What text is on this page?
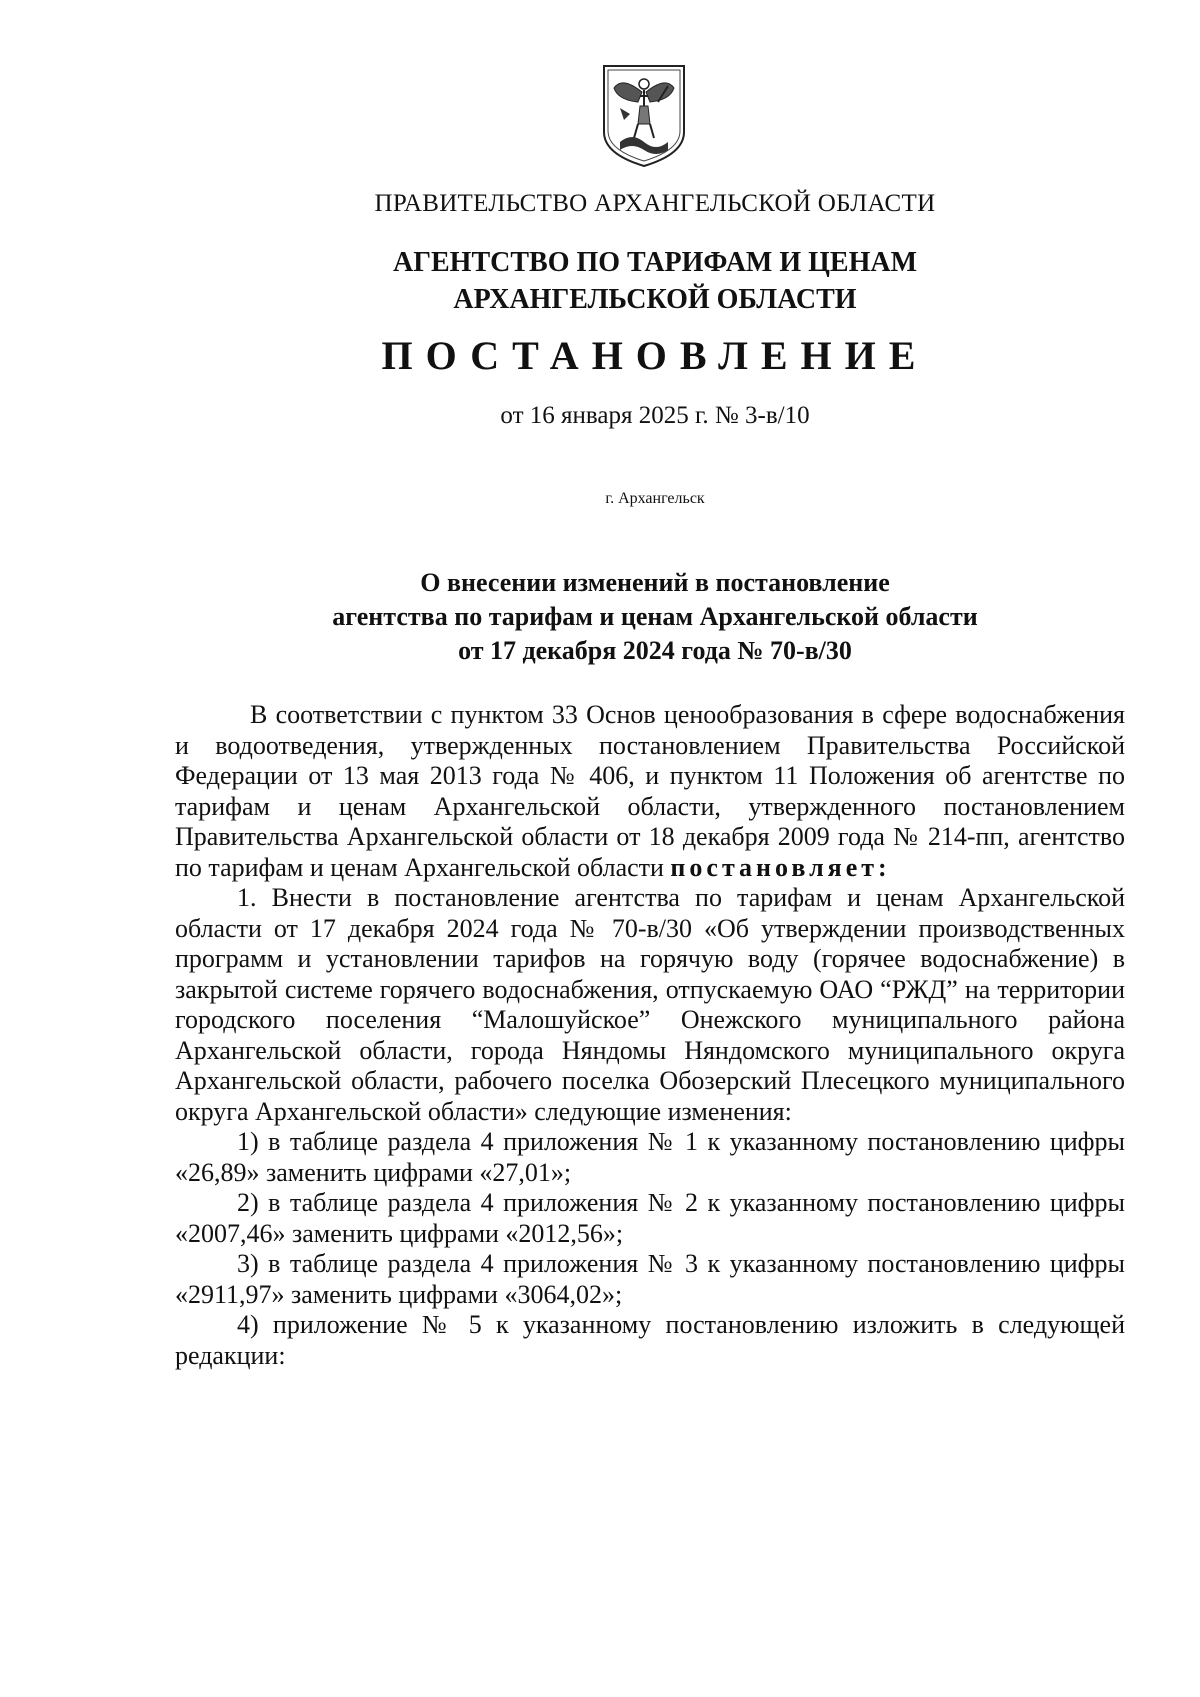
ПРАВИТЕЛЬСТВО АРХАНГЕЛЬСКОЙ ОБЛАСТИ
АГЕНТСТВО ПО ТАРИФАМ И ЦЕНАМ
АРХАНГЕЛЬСКОЙ ОБЛАСТИ
ПОСТАНОВЛЕНИЕ
от 16 января 2025 г. № 3-в/10
г. Архангельск
О внесении изменений в постановление
агентства по тарифам и ценам Архангельской области
от 17 декабря 2024 года № 70-в/30

В соответствии с пунктом 33 Основ ценообразования в сфере водоснабжения и водоотведения, утвержденных постановлением Правительства Российской Федерации от 13 мая 2013 года № 406, и пунктом 11 Положения об агентстве по тарифам и ценам Архангельской области, утвержденного постановлением Правительства Архангельской области от 18 декабря 2009 года № 214-пп, агентство по тарифам и ценам Архангельской области постановляет:

1. Внести в постановление агентства по тарифам и ценам Архангельской области от 17 декабря 2024 года № 70-в/30 «Об утверждении производственных программ и установлении тарифов на горячую воду (горячее водоснабжение) в закрытой системе горячего водоснабжения, отпускаемую ОАО “РЖД” на территории городского поселения “Малошуйское” Онежского муниципального района Архангельской области, города Няндомы Няндомского муниципального округа Архангельской области, рабочего поселка Обозерский Плесецкого муниципального округа Архангельской области» следующие изменения:

1) в таблице раздела 4 приложения № 1 к указанному постановлению цифры «26,89» заменить цифрами «27,01»;

2) в таблице раздела 4 приложения № 2 к указанному постановлению цифры «2007,46» заменить цифрами «2012,56»;

3) в таблице раздела 4 приложения № 3 к указанному постановлению цифры «2911,97» заменить цифрами «3064,02»;

4) приложение № 5 к указанному постановлению изложить в следующей редакции:
